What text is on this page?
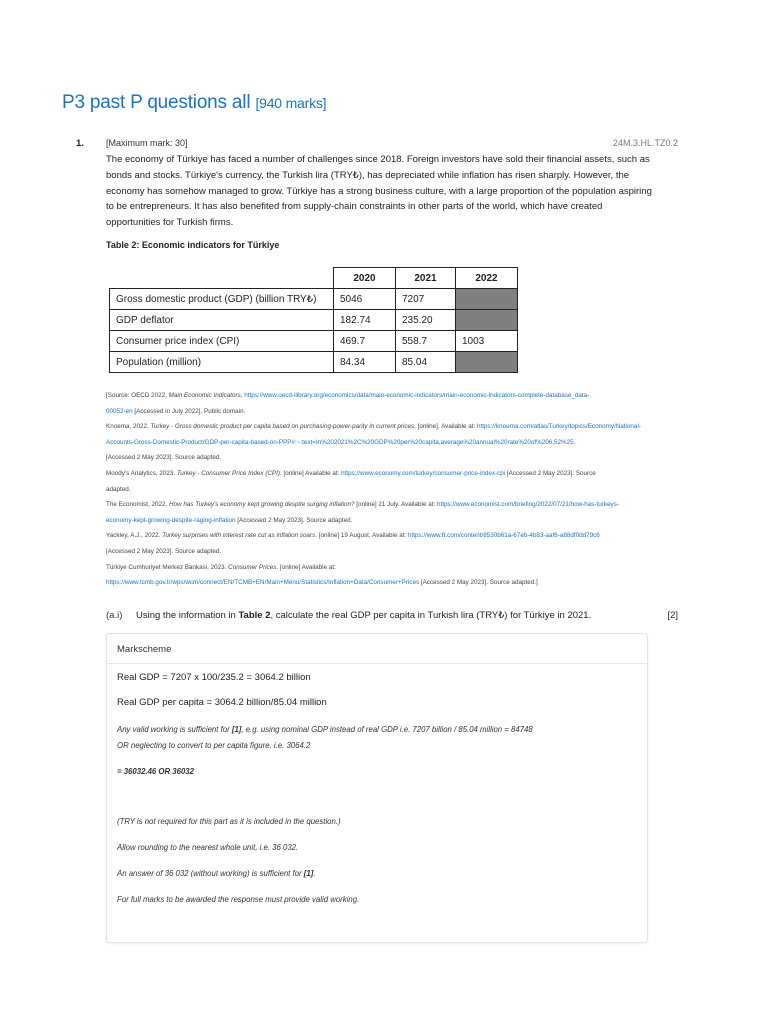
P3 past P questions all [940 marks]
1. [Maximum mark: 30]	24M.3.HL.TZ0.2
The economy of Türkiye has faced a number of challenges since 2018. Foreign investors have sold their financial assets, such as
bonds and stocks. Türkiye's currency, the Turkish lira (TRY₺), has depreciated while inflation has risen sharply. However, the
economy has somehow managed to grow. Türkiye has a strong business culture, with a large proportion of the population aspiring
to be entrepreneurs. It has also benefited from supply-chain constraints in other parts of the world, which have created
opportunities for Turkish firms.
Table 2: Economic indicators for Türkiye
	2020	2021	2022
Gross domestic product (GDP) (billion TRY₺)	5046	7207	
GDP deflator	182.74	235.20	
Consumer price index (CPI)	469.7	558.7	1003
Population (million)	84.34	85.04	
[Source: OECD 2022, Main Economic Indicators, https://www.oecd-ilibrary.org/economics/data/main-economic-indicators/main-economic-indicators-complete-database_data-
00052-en [Accessed in July 2022]. Public domain.
Knoema, 2022. Turkey - Gross domestic product per capita based on purchasing-power-parity in current prices. [online]. Available at: https://knoema.com/atlas/Turkey/topics/Economy/National-
Accounts-Gross-Domestic-Product/GDP-per-capita-based-on-PPP#:~:text=In%202021%2C%20GDP%20per%20capita,average%20annual%20rate%20of%206.52%25.
[Accessed 2 May 2023]. Source adapted.
Moody's Analytics, 2023. Turkey - Consumer Price Index (CPI). [online] Available at: https://www.economy.com/turkey/consumer-price-index-cpi [Accessed 2 May 2023]. Source
adapted.
The Economist, 2022. How has Turkey's economy kept growing despite surging inflation? [online] 21 July. Available at: https://www.economist.com/briefing/2022/07/21/how-has-turkeys-
economy-kept-growing-despite-raging-inflation [Accessed 2 May 2023]. Source adapted.
Yackley, A.J., 2022. Turkey surprises with interest rate cut as inflation soars. [online] 19 August. Available at: https://www.ft.com/content/8530b61a-67eb-4b83-aaf6-a88df0dd79c6
[Accessed 2 May 2023]. Source adapted.
Türkiye Cumhuriyet Merkez Bankasi, 2023. Consumer Prices. [online] Available at:
https://www.tcmb.gov.tr/wps/wcm/connect/EN/TCMB+EN/Main+Menu/Statistics/Inflation+Data/Consumer+Prices [Accessed 2 May 2023]. Source adapted.]
(a.i) Using the information in Table 2, calculate the real GDP per capita in Turkish lira (TRY₺) for Türkiye in 2021.	[2]
Markscheme
Real GDP = 7207 x 100/235.2 = 3064.2 billion
Real GDP per capita = 3064.2 billion/85.04 million
Any valid working is sufficient for [1], e.g. using nominal GDP instead of real GDP i.e. 7207 billion / 85.04 million = 84748
OR neglecting to convert to per capita figure. i.e. 3064.2
= 36032.46 OR 36032
(TRY is not required for this part as it is included in the question.)
Allow rounding to the nearest whole unit, i.e. 36 032.
An answer of 36 032 (without working) is sufficient for [1].
For full marks to be awarded the response must provide valid working.
